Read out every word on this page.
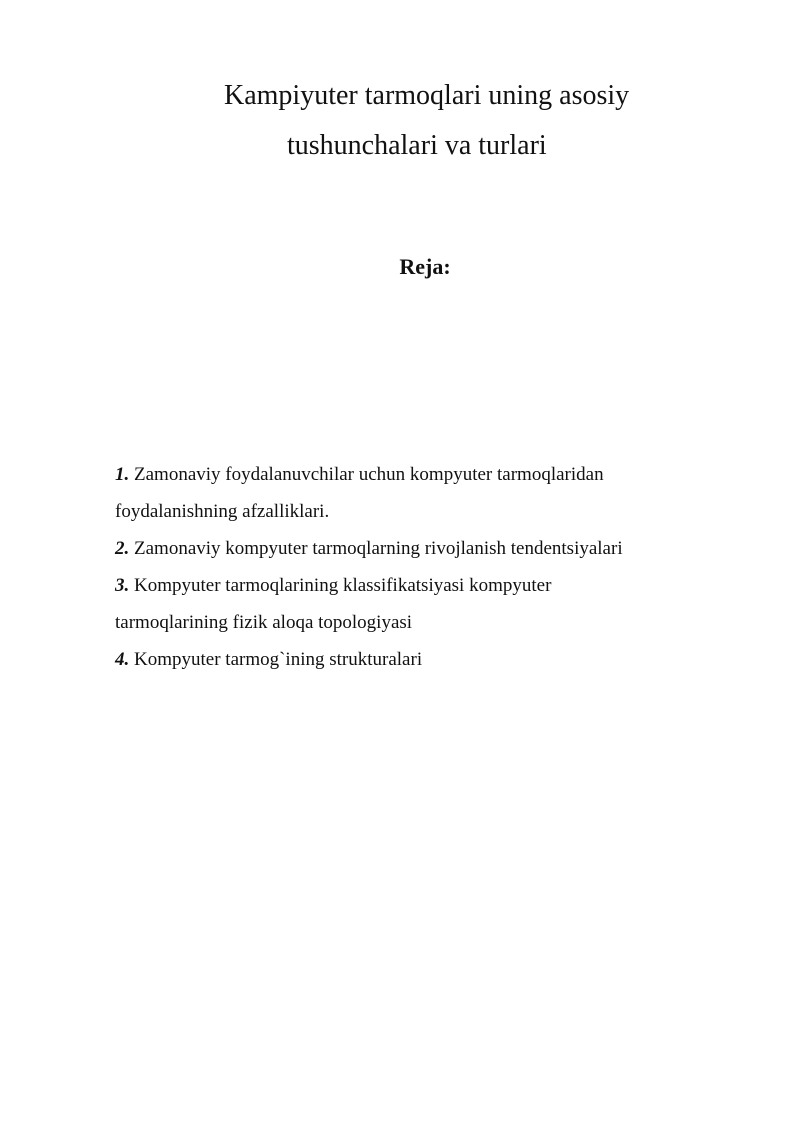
Kampiyuter tarmoqlari uning asosiy
tushunchalari va turlari
Reja:
1. Zamonaviy foydalanuvchilar uchun kompyuter tarmoqlaridan
foydalanishning afzalliklari.
2. Zamonaviy kompyuter tarmoqlarning rivojlanish tendentsiyalari
3. Kompyuter tarmoqlarining klassifikatsiyasi kompyuter
tarmoqlarining fizik aloqa topologiyasi
4. Kompyuter tarmog`ining strukturalari
